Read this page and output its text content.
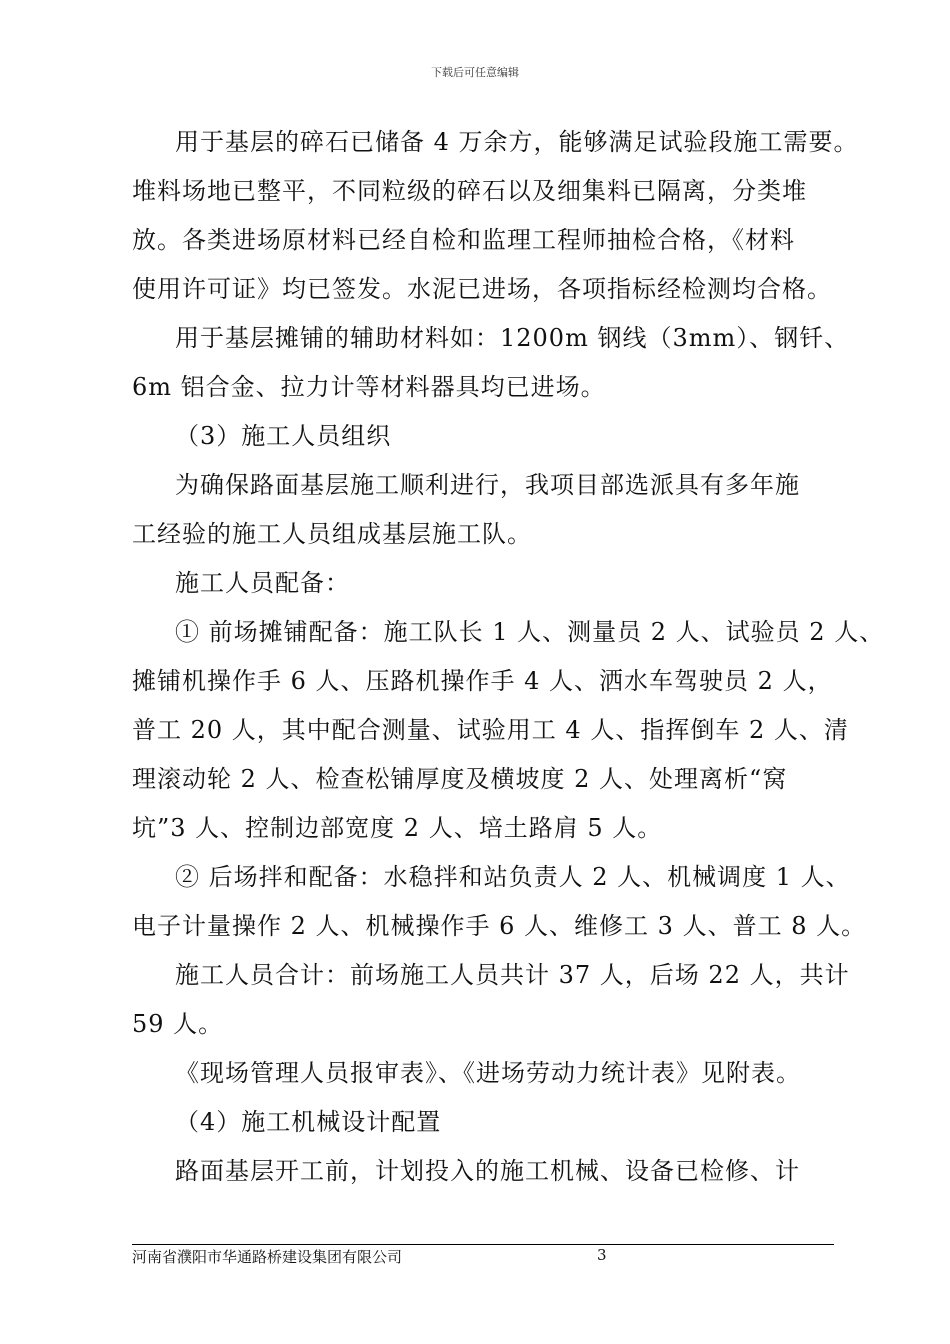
下载后可任意编辑

用于基层的碎石已储备 4 万余方，能够满足试验段施工需要。

堆料场地已整平，不同粒级的碎石以及细集料已隔离，分类堆

放。各类进场原材料已经自检和监理工程师抽检合格，《材料

使用许可证》均已签发。水泥已进场，各项指标经检测均合格。

用于基层摊铺的辅助材料如：1200m 钢线（3mm）、钢钎、

6m 铝合金、拉力计等材料器具均已进场。

（3）施工人员组织

为确保路面基层施工顺利进行，我项目部选派具有多年施

工经验的施工人员组成基层施工队。

施工人员配备：

① 前场摊铺配备：施工队长 1 人、测量员 2 人、试验员 2 人、

摊铺机操作手 6 人、压路机操作手 4 人、洒水车驾驶员 2 人，

普工 20 人，其中配合测量、试验用工 4 人、指挥倒车 2 人、清

理滚动轮 2 人、检查松铺厚度及横坡度 2 人、处理离析“窝

坑”3 人、控制边部宽度 2 人、培土路肩 5 人。

② 后场拌和配备：水稳拌和站负责人 2 人、机械调度 1 人、

电子计量操作 2 人、机械操作手 6 人、维修工 3 人、普工 8 人。

施工人员合计：前场施工人员共计 37 人，后场 22 人，共计

59 人。

《现场管理人员报审表》、《进场劳动力统计表》见附表。

（4）施工机械设计配置

路面基层开工前，计划投入的施工机械、设备已检修、计

河南省濮阳市华通路桥建设集团有限公司	3
